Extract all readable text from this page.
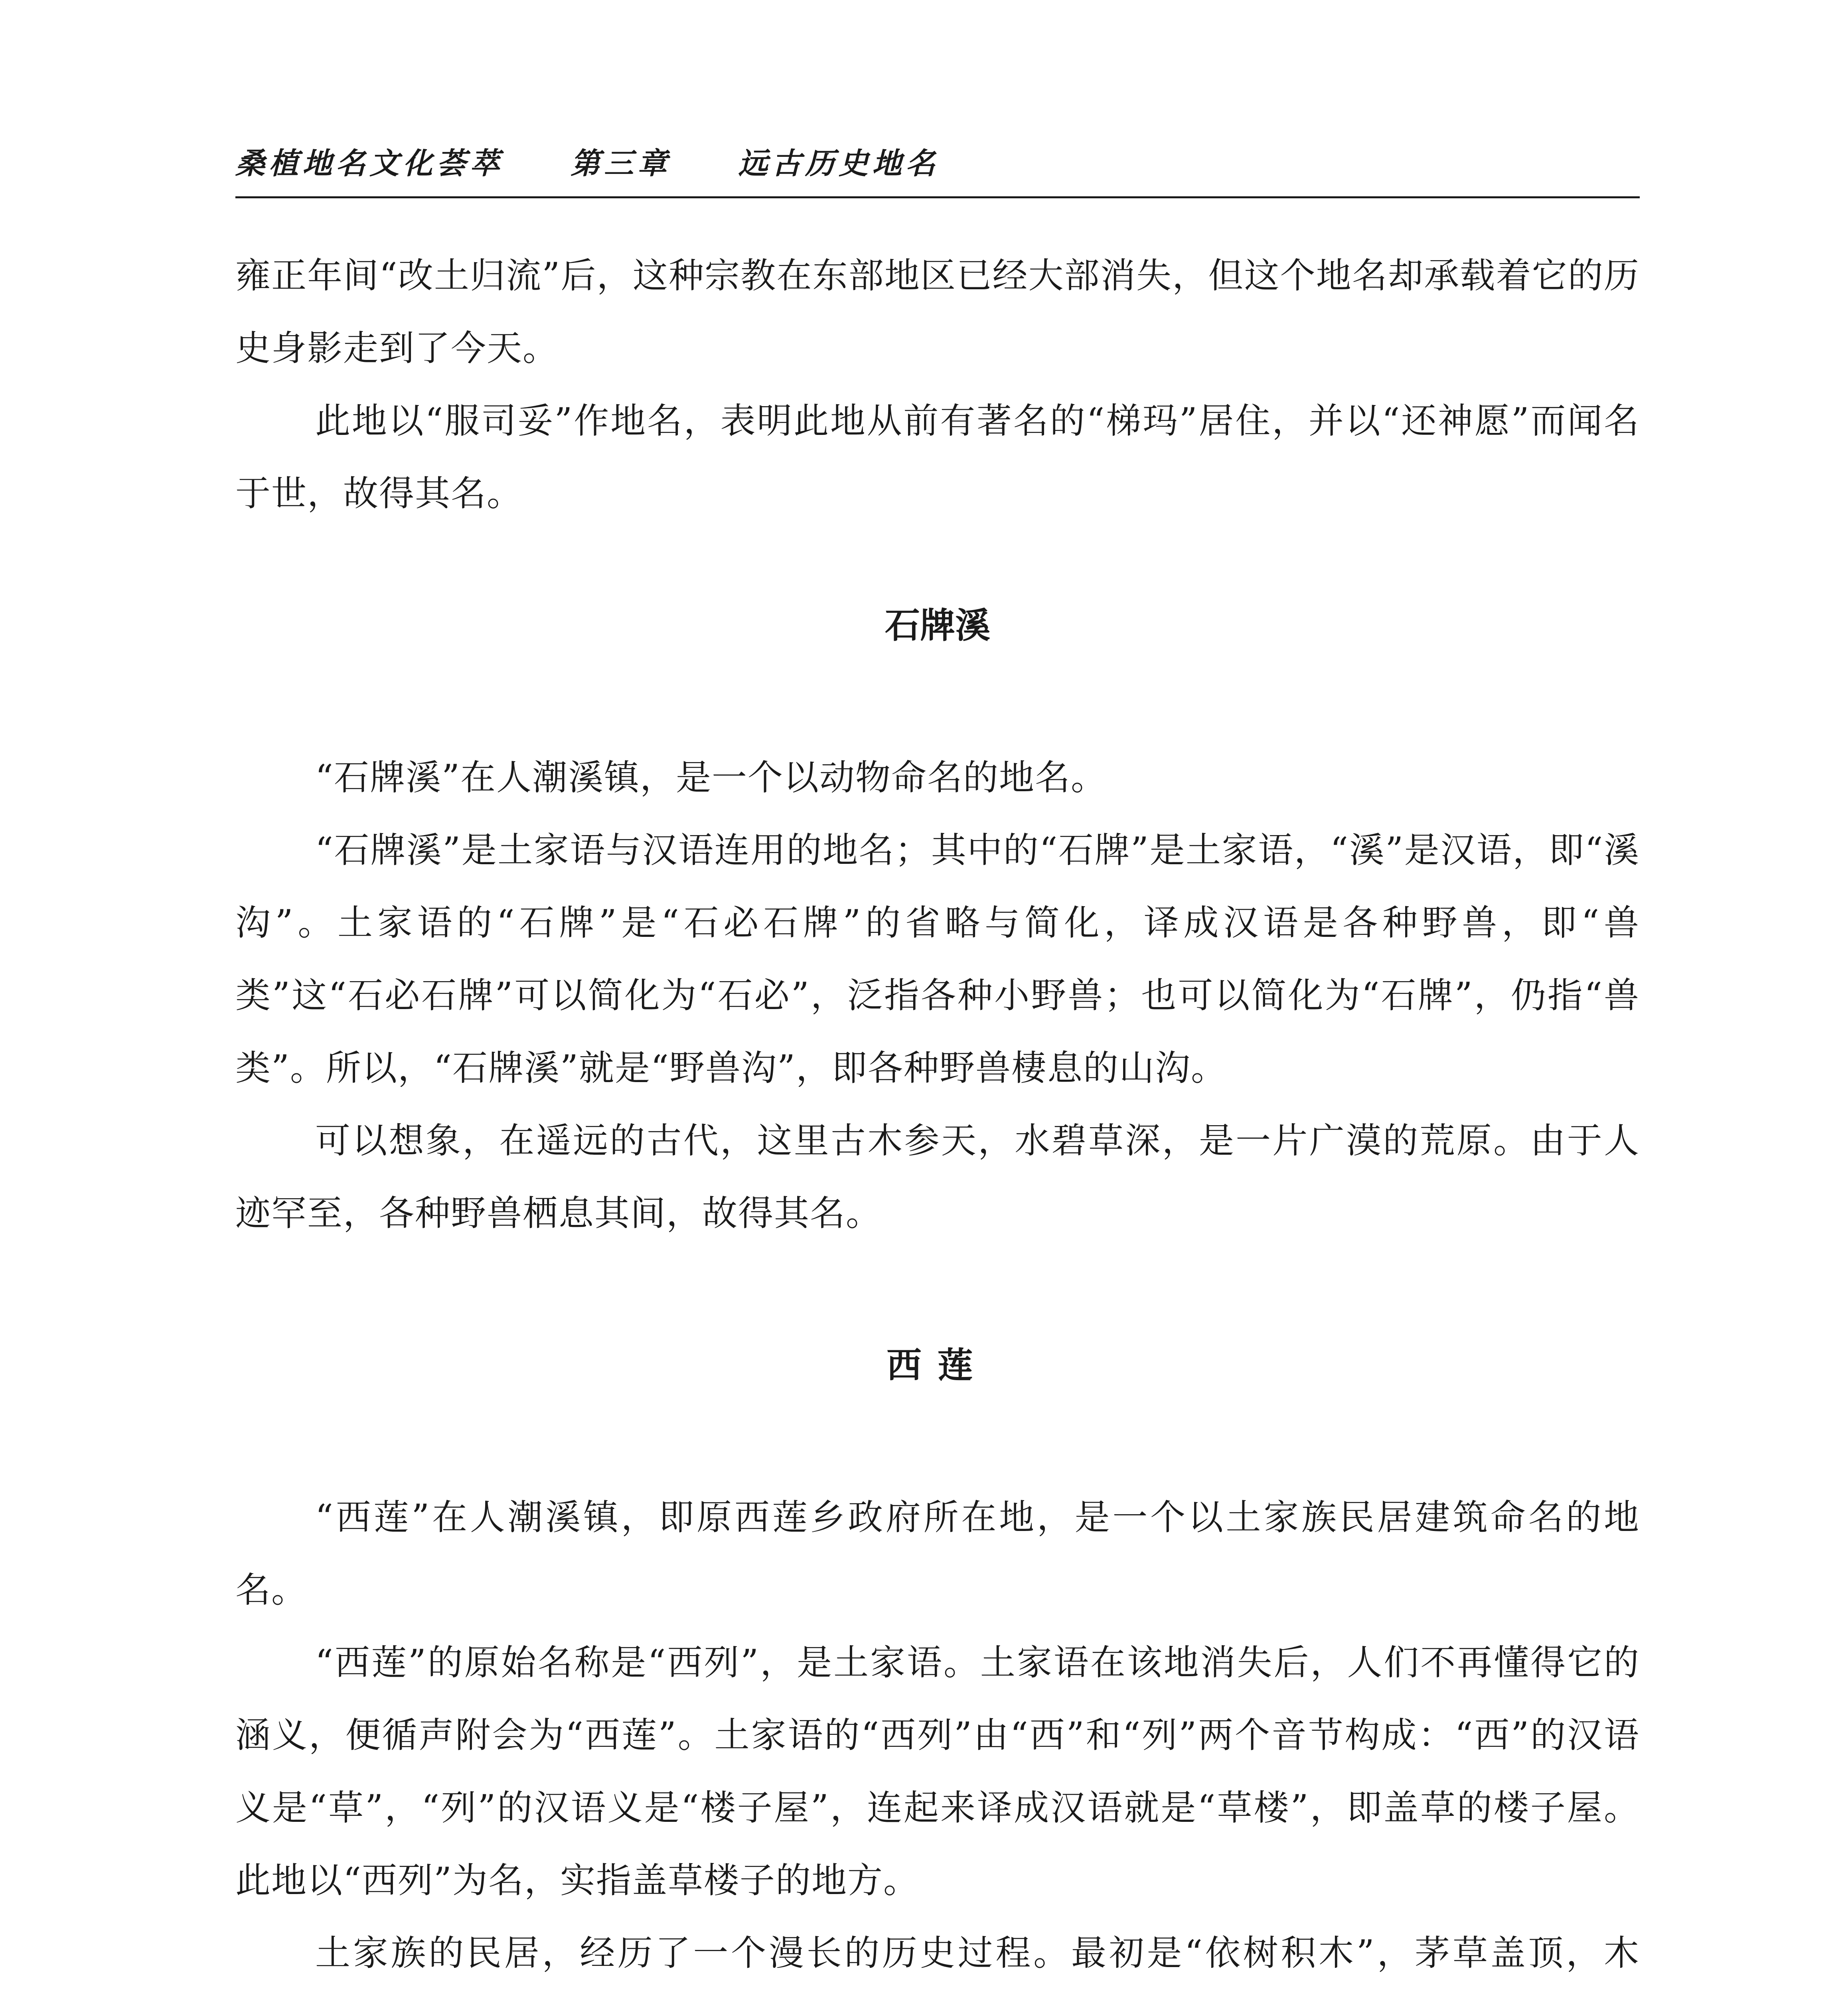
桑植地名文化荟萃 第三章 远古历史地名

雍正年间“改土归流”后，这种宗教在东部地区已经大部消失，但这个地名却承载着它的历史身影走到了今天。

此地以“服司妥”作地名，表明此地从前有著名的“梯玛”居住，并以“还神愿”而闻名于世，故得其名。

石牌溪

“石牌溪”在人潮溪镇，是一个以动物命名的地名。

“石牌溪”是土家语与汉语连用的地名；其中的“石牌”是土家语，“溪”是汉语，即“溪沟”。土家语的“石牌”是“石必石牌”的省略与简化，译成汉语是各种野兽，即“兽类”这“石必石牌”可以简化为“石必”，泛指各种小野兽；也可以简化为“石牌”，仍指“兽类”。所以，“石牌溪”就是“野兽沟”，即各种野兽棲息的山沟。

可以想象，在遥远的古代，这里古木参天，水碧草深，是一片广漠的荒原。由于人迹罕至，各种野兽栖息其间，故得其名。

西莲

“西莲”在人潮溪镇，即原西莲乡政府所在地，是一个以土家族民居建筑命名的地名。

“西莲”的原始名称是“西列”，是土家语。土家语在该地消失后，人们不再懂得它的涵义，便循声附会为“西莲”。土家语的“西列”由“西”和“列”两个音节构成：“西”的汉语义是“草”，“列”的汉语义是“楼子屋”，连起来译成汉语就是“草楼”，即盖草的楼子屋。此地以“西列”为名，实指盖草楼子的地方。

土家族的民居，经历了一个漫长的历史过程。最初是“依树积木”，茅草盖顶，木
